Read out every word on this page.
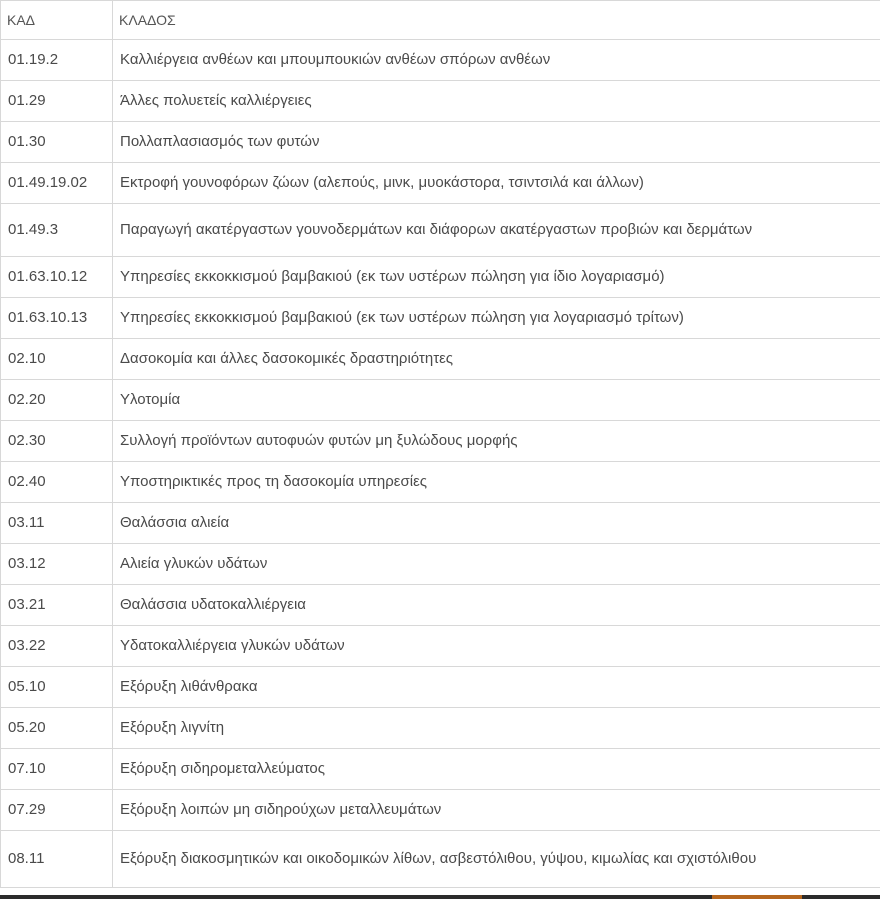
ΚΑΔ	ΚΛΑΔΟΣ
01.19.2	Καλλιέργεια ανθέων και μπουμπουκιών ανθέων σπόρων ανθέων
01.29	Άλλες πολυετείς καλλιέργειες
01.30	Πολλαπλασιασμός των φυτών
01.49.19.02	Εκτροφή γουνοφόρων ζώων (αλεπούς, μινκ, μυοκάστορα, τσιντσιλά και άλλων)
01.49.3	Παραγωγή ακατέργαστων γουνοδερμάτων και διάφορων ακατέργαστων προβιών και δερμάτων
01.63.10.12	Υπηρεσίες εκκοκκισμού βαμβακιού (εκ των υστέρων πώληση για ίδιο λογαριασμό)
01.63.10.13	Υπηρεσίες εκκοκκισμού βαμβακιού (εκ των υστέρων πώληση για λογαριασμό τρίτων)
02.10	Δασοκομία και άλλες δασοκομικές δραστηριότητες
02.20	Υλοτομία
02.30	Συλλογή προϊόντων αυτοφυών φυτών μη ξυλώδους μορφής
02.40	Υποστηρικτικές προς τη δασοκομία υπηρεσίες
03.11	Θαλάσσια αλιεία
03.12	Αλιεία γλυκών υδάτων
03.21	Θαλάσσια υδατοκαλλιέργεια
03.22	Υδατοκαλλιέργεια γλυκών υδάτων
05.10	Εξόρυξη λιθάνθρακα
05.20	Εξόρυξη λιγνίτη
07.10	Εξόρυξη σιδηρομεταλλεύματος
07.29	Εξόρυξη λοιπών μη σιδηρούχων μεταλλευμάτων
08.11	Εξόρυξη διακοσμητικών και οικοδομικών λίθων, ασβεστόλιθου, γύψου, κιμωλίας και σχιστόλιθου
